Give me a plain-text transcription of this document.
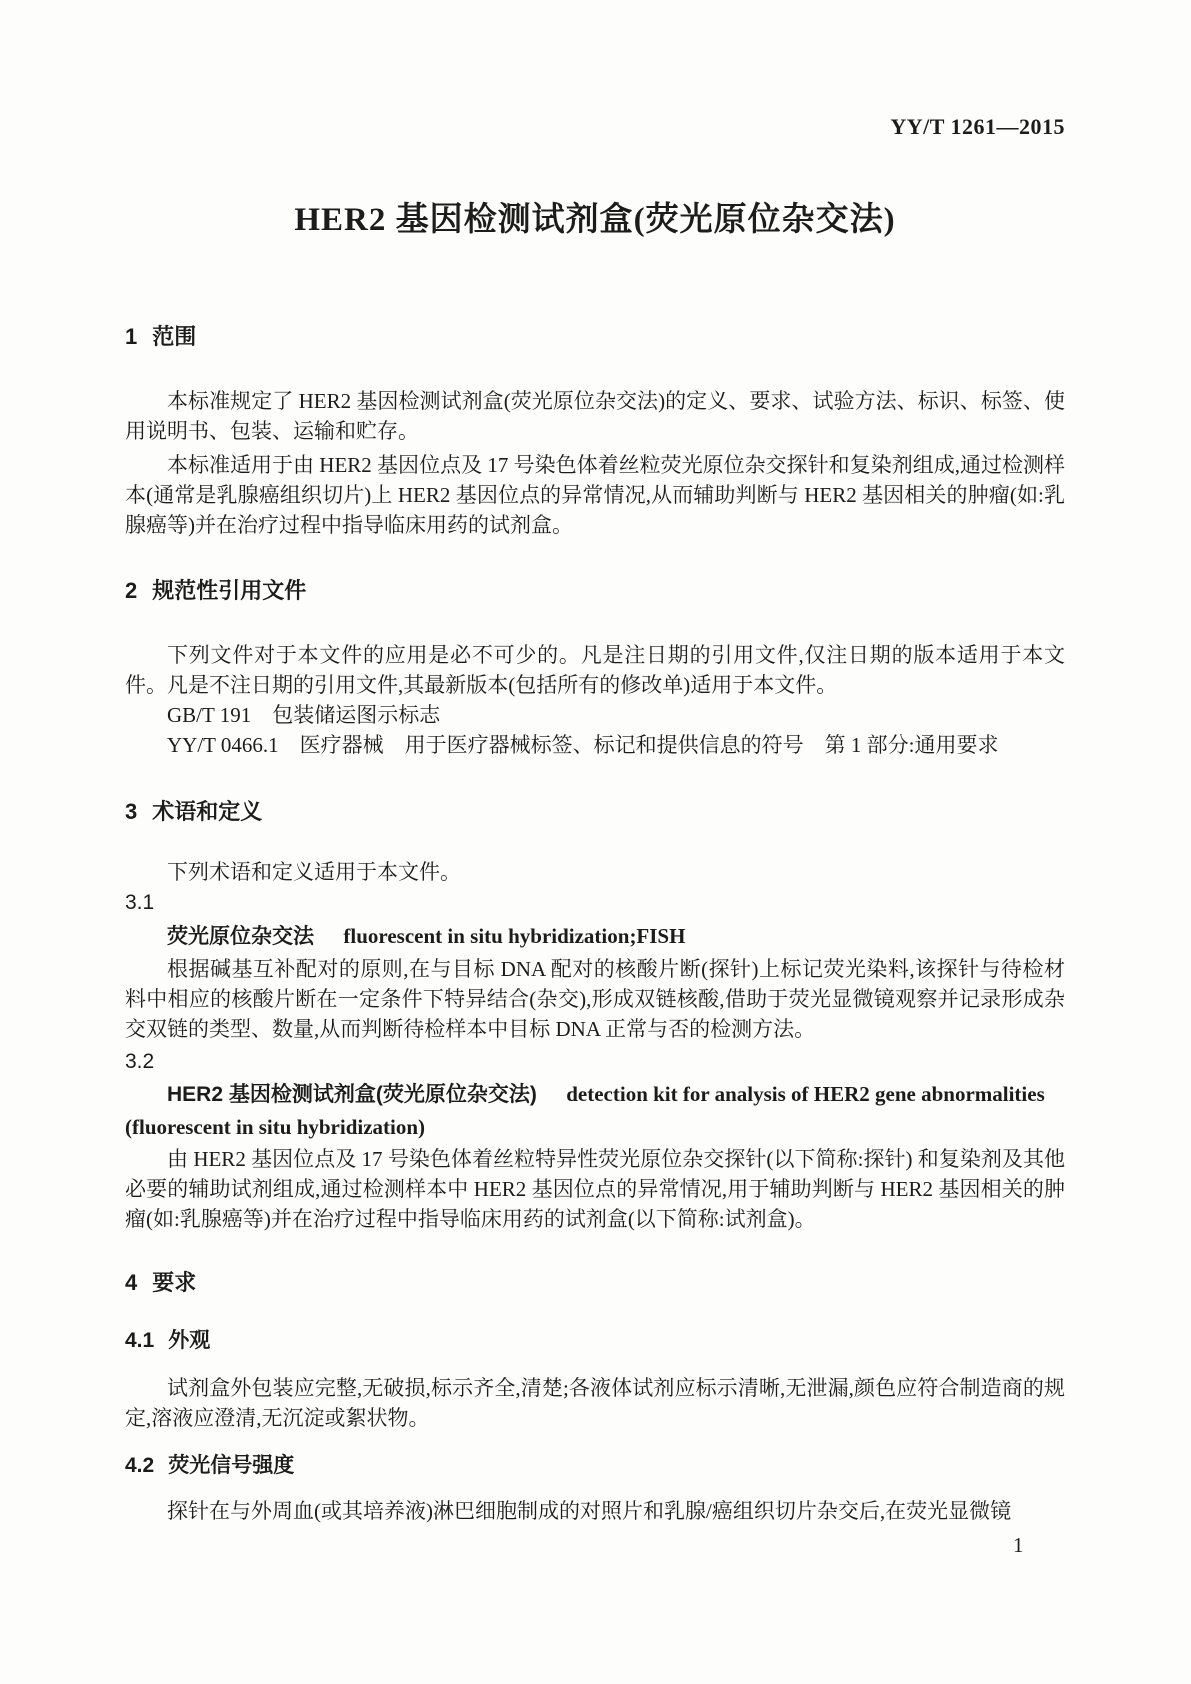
YY/T 1261—2015
HER2 基因检测试剂盒(荧光原位杂交法)
1 范围

本标准规定了 HER2 基因检测试剂盒(荧光原位杂交法)的定义、要求、试验方法、标识、标签、使用说明书、包装、运输和贮存。

本标准适用于由 HER2 基因位点及 17 号染色体着丝粒荧光原位杂交探针和复染剂组成,通过检测样本(通常是乳腺癌组织切片)上 HER2 基因位点的异常情况,从而辅助判断与 HER2 基因相关的肿瘤(如:乳腺癌等)并在治疗过程中指导临床用药的试剂盒。

2 规范性引用文件

下列文件对于本文件的应用是必不可少的。凡是注日期的引用文件,仅注日期的版本适用于本文件。凡是不注日期的引用文件,其最新版本(包括所有的修改单)适用于本文件。

GB/T 191　包装储运图示标志

YY/T 0466.1　医疗器械　用于医疗器械标签、标记和提供信息的符号　第 1 部分:通用要求

3 术语和定义

下列术语和定义适用于本文件。

3.1

荧光原位杂交法 fluorescent in situ hybridization;FISH

根据碱基互补配对的原则,在与目标 DNA 配对的核酸片断(探针)上标记荧光染料,该探针与待检材料中相应的核酸片断在一定条件下特异结合(杂交),形成双链核酸,借助于荧光显微镜观察并记录形成杂交双链的类型、数量,从而判断待检样本中目标 DNA 正常与否的检测方法。

3.2

HER2 基因检测试剂盒(荧光原位杂交法) detection kit for analysis of HER2 gene abnormalities

(fluorescent in situ hybridization)

由 HER2 基因位点及 17 号染色体着丝粒特异性荧光原位杂交探针(以下简称:探针) 和复染剂及其他必要的辅助试剂组成,通过检测样本中 HER2 基因位点的异常情况,用于辅助判断与 HER2 基因相关的肿瘤(如:乳腺癌等)并在治疗过程中指导临床用药的试剂盒(以下简称:试剂盒)。

4 要求
4.1 外观

试剂盒外包装应完整,无破损,标示齐全,清楚;各液体试剂应标示清晰,无泄漏,颜色应符合制造商的规定,溶液应澄清,无沉淀或絮状物。

4.2 荧光信号强度

探针在与外周血(或其培养液)淋巴细胞制成的对照片和乳腺/癌组织切片杂交后,在荧光显微镜

1
